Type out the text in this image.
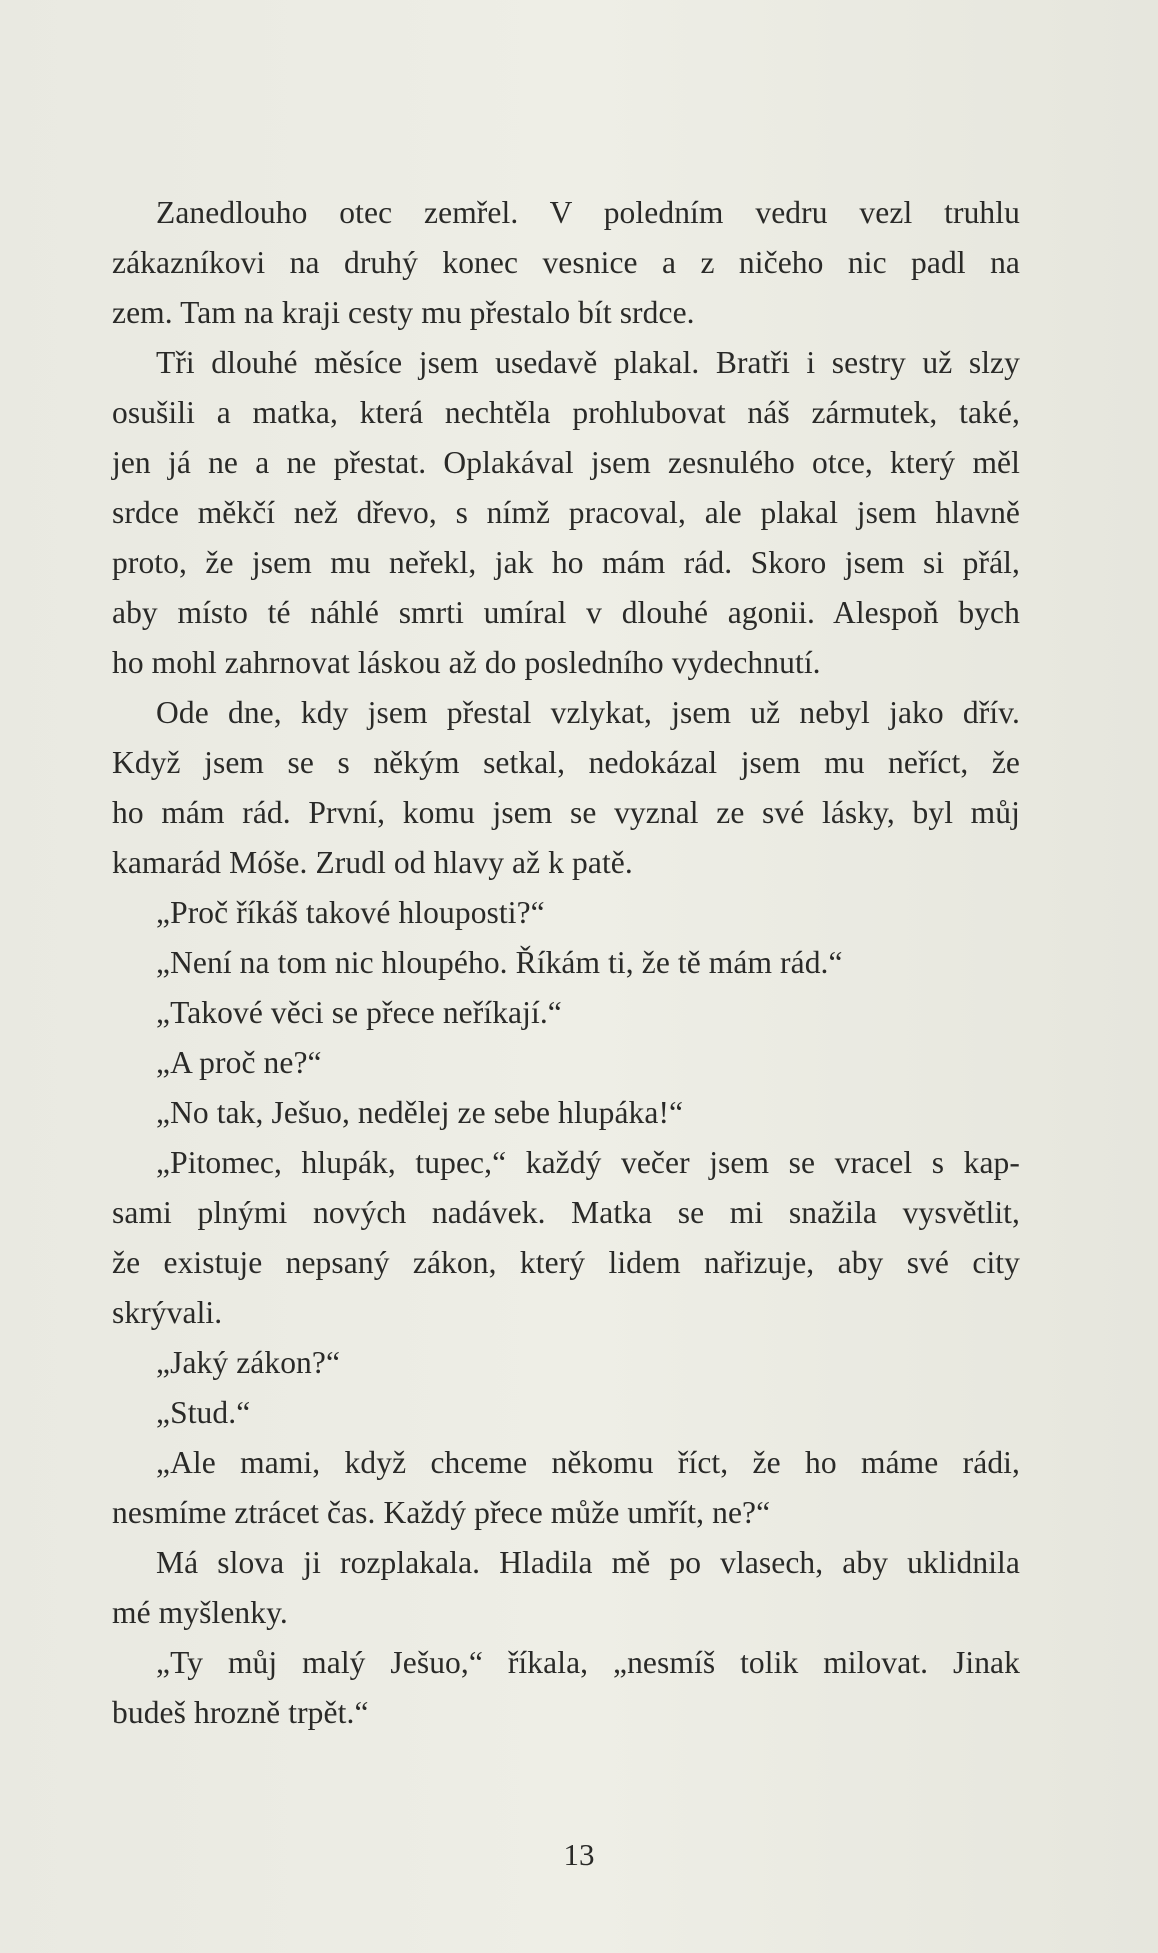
Zanedlouho otec zemřel. V poledním vedru vezl truhlu
zákazníkovi na druhý konec vesnice a z ničeho nic padl na
zem. Tam na kraji cesty mu přestalo bít srdce.
Tři dlouhé měsíce jsem usedavě plakal. Bratři i sestry už slzy
osušili a matka, která nechtěla prohlubovat náš zármutek, také,
jen já ne a ne přestat. Oplakával jsem zesnulého otce, který měl
srdce měkčí než dřevo, s nímž pracoval, ale plakal jsem hlavně
proto, že jsem mu neřekl, jak ho mám rád. Skoro jsem si přál,
aby místo té náhlé smrti umíral v dlouhé agonii. Alespoň bych
ho mohl zahrnovat láskou až do posledního vydechnutí.
Ode dne, kdy jsem přestal vzlykat, jsem už nebyl jako dřív.
Když jsem se s někým setkal, nedokázal jsem mu neříct, že
ho mám rád. První, komu jsem se vyznal ze své lásky, byl můj
kamarád Móše. Zrudl od hlavy až k patě.
„Proč říkáš takové hlouposti?“
„Není na tom nic hloupého. Říkám ti, že tě mám rád.“
„Takové věci se přece neříkají.“
„A proč ne?“
„No tak, Ješuo, nedělej ze sebe hlupáka!“
„Pitomec, hlupák, tupec,“ každý večer jsem se vracel s kap-
sami plnými nových nadávek. Matka se mi snažila vysvětlit,
že existuje nepsaný zákon, který lidem nařizuje, aby své city
skrývali.
„Jaký zákon?“
„Stud.“
„Ale mami, když chceme někomu říct, že ho máme rádi,
nesmíme ztrácet čas. Každý přece může umřít, ne?“
Má slova ji rozplakala. Hladila mě po vlasech, aby uklidnila
mé myšlenky.
„Ty můj malý Ješuo,“ říkala, „nesmíš tolik milovat. Jinak
budeš hrozně trpět.“
13
